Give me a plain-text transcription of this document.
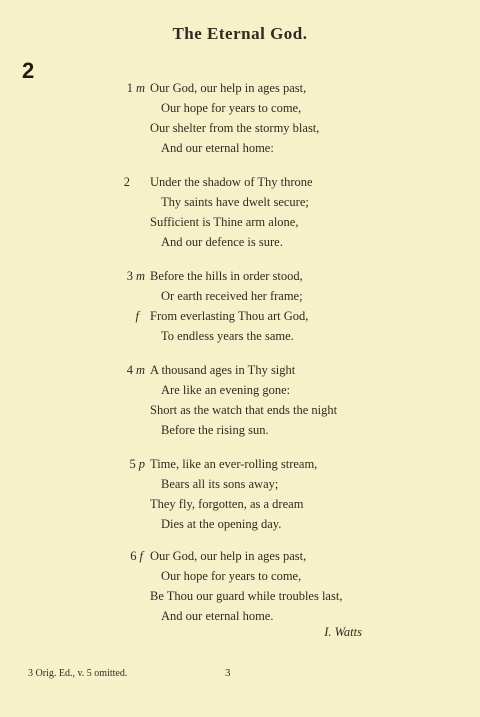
The Eternal God.
2
1 m Our God, our help in ages past,
Our hope for years to come,
Our shelter from the stormy blast,
And our eternal home:
2 Under the shadow of Thy throne
Thy saints have dwelt secure;
Sufficient is Thine arm alone,
And our defence is sure.
3 m Before the hills in order stood,
Or earth received her frame;
f From everlasting Thou art God,
To endless years the same.
4 m A thousand ages in Thy sight
Are like an evening gone:
Short as the watch that ends the night
Before the rising sun.
5 p Time, like an ever-rolling stream,
Bears all its sons away;
They fly, forgotten, as a dream
Dies at the opening day.
6 f Our God, our help in ages past,
Our hope for years to come,
Be Thou our guard while troubles last,
And our eternal home.
I. Watts
3 Orig. Ed., v. 5 omitted.	3
